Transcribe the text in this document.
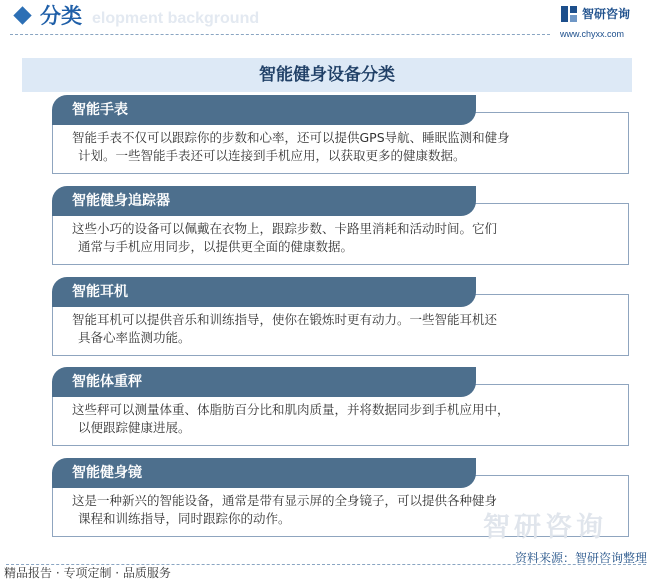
分类 elopment background	智研咨询
www.chyxx.com
智能健身设备分类
智能手表
智能手表不仅可以跟踪你的步数和心率，还可以提供GPS导航、睡眠监测和健身
计划。一些智能手表还可以连接到手机应用，以获取更多的健康数据。
智能健身追踪器
这些小巧的设备可以佩戴在衣物上，跟踪步数、卡路里消耗和活动时间。它们
通常与手机应用同步，以提供更全面的健康数据。
智能耳机
智能耳机可以提供音乐和训练指导，使你在锻炼时更有动力。一些智能耳机还
具备心率监测功能。
智能体重秤
这些秤可以测量体重、体脂肪百分比和肌肉质量，并将数据同步到手机应用中，
以便跟踪健康进展。
智能健身镜
这是一种新兴的智能设备，通常是带有显示屏的全身镜子，可以提供各种健身
课程和训练指导，同时跟踪你的动作。	智研咨询
资料来源：智研咨询整理
精品报告 · 专项定制 · 品质服务
